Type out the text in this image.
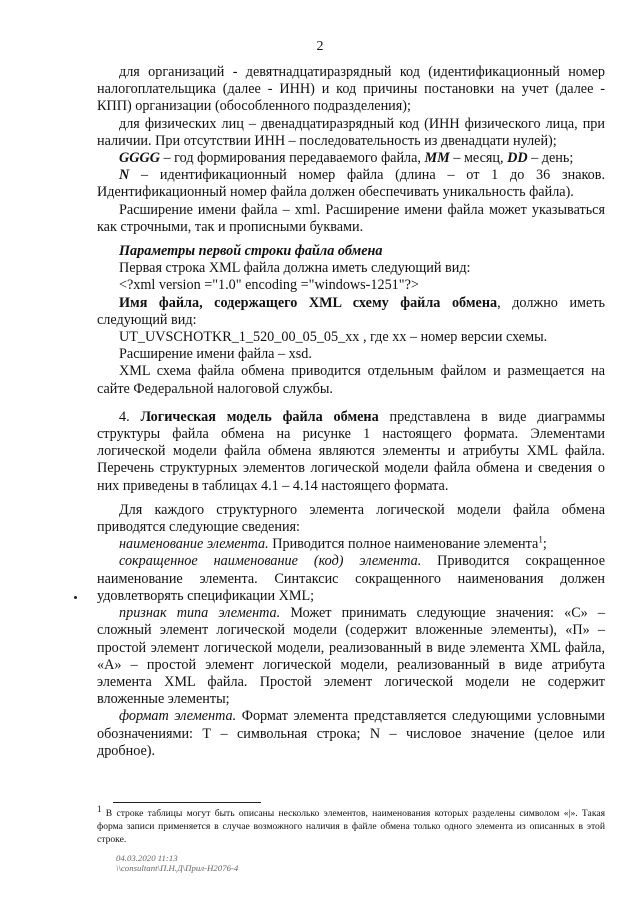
2

для организаций - девятнадцатиразрядный код (идентификационный номер налогоплательщика (далее - ИНН) и код причины постановки на учет (далее - КПП) организации (обособленного подразделения);

для физических лиц – двенадцатиразрядный код (ИНН физического лица, при наличии. При отсутствии ИНН – последовательность из двенадцати нулей);

GGGG – год формирования передаваемого файла, MM – месяц, DD – день;

N – идентификационный номер файла (длина – от 1 до 36 знаков. Идентификационный номер файла должен обеспечивать уникальность файла).

Расширение имени файла – xml. Расширение имени файла может указываться как строчными, так и прописными буквами.

Параметры первой строки файла обмена

Первая строка XML файла должна иметь следующий вид:

<?xml version ="1.0" encoding ="windows-1251"?>

Имя файла, содержащего XML схему файла обмена, должно иметь следующий вид:

UT_UVSCHOTKR_1_520_00_05_05_xx , где хх – номер версии схемы.

Расширение имени файла – xsd.

XML схема файла обмена приводится отдельным файлом и размещается на сайте Федеральной налоговой службы.

4. Логическая модель файла обмена представлена в виде диаграммы структуры файла обмена на рисунке 1 настоящего формата. Элементами логической модели файла обмена являются элементы и атрибуты XML файла. Перечень структурных элементов логической модели файла обмена и сведения о них приведены в таблицах 4.1 – 4.14 настоящего формата.

Для каждого структурного элемента логической модели файла обмена приводятся следующие сведения:

наименование элемента. Приводится полное наименование элемента$^1$;

сокращенное наименование (код) элемента. Приводится сокращенное наименование элемента. Синтаксис сокращенного наименования должен удовлетворять спецификации XML;

признак типа элемента. Может принимать следующие значения: «С» – сложный элемент логической модели (содержит вложенные элементы), «П» – простой элемент логической модели, реализованный в виде элемента XML файла, «А» – простой элемент логической модели, реализованный в виде атрибута элемента XML файла. Простой элемент логической модели не содержит вложенные элементы;

формат элемента. Формат элемента представляется следующими условными обозначениями: Т – символьная строка; N – числовое значение (целое или дробное).

$^1$ В строке таблицы могут быть описаны несколько элементов, наименования которых разделены символом «|». Такая форма записи применяется в случае возможного наличия в файле обмена только одного элемента из описанных в этой строке.
04.03.2020 11:13
\\consultant\П.Н.Д\Прил-Н2076-4
